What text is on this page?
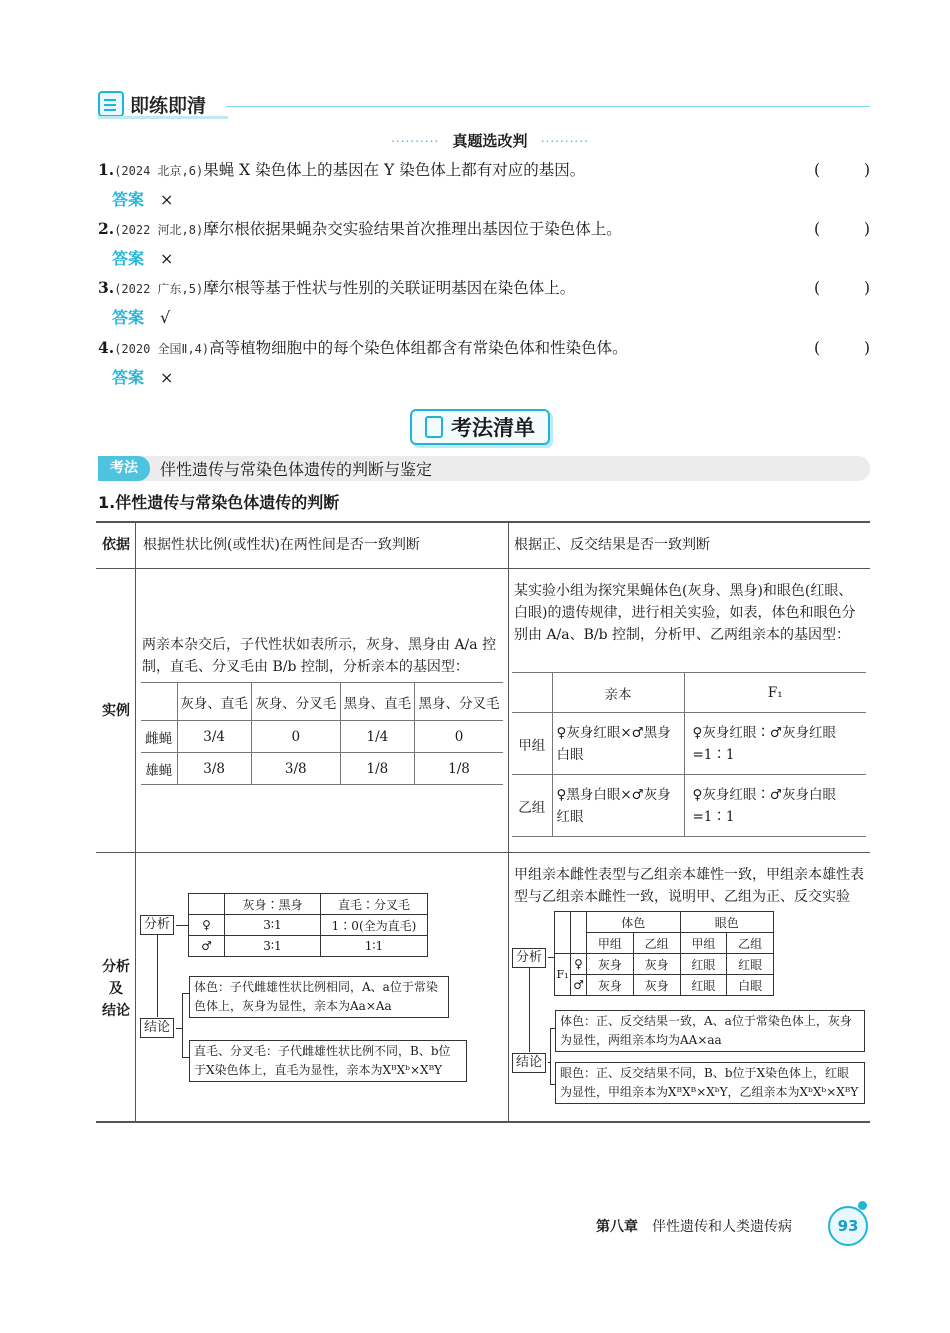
即练即清
·········· 真题选改判 ··········
1.(2024 北京,6)果蝇 X 染色体上的基因在 Y 染色体上都有对应的基因。	(	)
答案 ×
2.(2022 河北,8)摩尔根依据果蝇杂交实验结果首次推理出基因位于染色体上。	(	)
答案 ×
3.(2022 广东,5)摩尔根等基于性状与性别的关联证明基因在染色体上。	(	)
答案 √
4.(2020 全国Ⅱ,4)高等植物细胞中的每个染色体组都含有常染色体和性染色体。	(	)
答案 ×
考法清单
考法	伴性遗传与常染色体遗传的判断与鉴定
1.伴性遗传与常染色体遗传的判断
依据 根据性状比例(或性状)在两性间是否一致判断	根据正、反交结果是否一致判断
实例
两亲本杂交后，子代性状如表所示，灰身、黑身由 A/a 控制，直毛、分叉毛由 B/b 控制，分析亲本的基因型：
	灰身、直毛	灰身、分叉毛	黑身、直毛	黑身、分叉毛
雌蝇	3/4	0	1/4	0
雄蝇	3/8	3/8	1/8	1/8
某实验小组为探究果蝇体色(灰身、黑身)和眼色(红眼、白眼)的遗传规律，进行相关实验，如表，体色和眼色分别由 A/a、B/b 控制，分析甲、乙两组亲本的基因型：
	亲本	F₁
甲组	♀灰身红眼×♂黑身白眼	♀灰身红眼∶♂灰身红眼=1∶1
乙组	♀黑身白眼×♂灰身红眼	♀灰身红眼∶♂灰身白眼=1∶1
分析
及
结论
	灰身∶黑身	直毛∶分叉毛
♀	3∶1	1∶0(全为直毛)
♂	3∶1	1∶1
分析
结论
体色：子代雌雄性状比例相同，A、a位于常染色体上，灰身为显性，亲本为Aa×Aa
直毛、分叉毛：子代雌雄性状比例不同，B、b位于X染色体上，直毛为显性，亲本为XᴮXᵇ×XᴮY
甲组亲本雌性表型与乙组亲本雄性一致，甲组亲本雄性表型与乙组亲本雌性一致，说明甲、乙组为正、反交实验
		体色		眼色	
		甲组	乙组	甲组	乙组
F₁	♀	灰身	灰身	红眼	红眼
	♂	灰身	灰身	红眼	白眼
分析
结论
体色：正、反交结果一致，A、a位于常染色体上，灰身为显性，两组亲本均为AA×aa
眼色：正、反交结果不同，B、b位于X染色体上，红眼为显性，甲组亲本为XᴮXᴮ×XᵇY，乙组亲本为XᵇXᵇ×XᴮY
第八章 伴性遗传和人类遗传病	93
